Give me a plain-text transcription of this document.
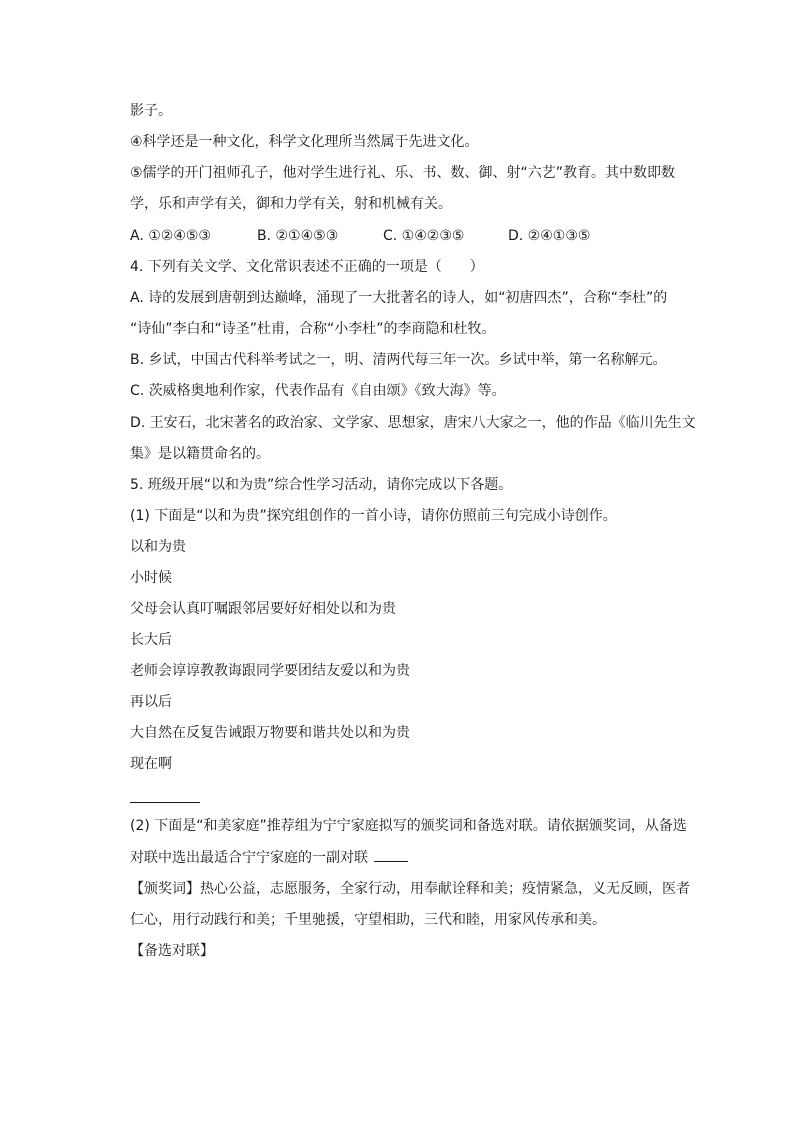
影子。
④科学还是一种文化，科学文化理所当然属于先进文化。
⑤儒学的开门祖师孔子，他对学生进行礼、乐、书、数、御、射“六艺”教育。其中数即数
学，乐和声学有关，御和力学有关，射和机械有关。
A. ①②④⑤③	B. ②①④⑤③	C. ①④②③⑤	D. ②④①③⑤
4. 下列有关文学、文化常识表述不正确的一项是（　　）
A. 诗的发展到唐朝到达巅峰，涌现了一大批著名的诗人，如“初唐四杰”，合称“李杜”的
“诗仙”李白和“诗圣”杜甫，合称“小李杜”的李商隐和杜牧。
B. 乡试，中国古代科举考试之一，明、清两代每三年一次。乡试中举，第一名称解元。
C. 茨威格奥地利作家，代表作品有《自由颂》《致大海》等。
D. 王安石，北宋著名的政治家、文学家、思想家，唐宋八大家之一，他的作品《临川先生文
集》是以籍贯命名的。
5. 班级开展“以和为贵”综合性学习活动，请你完成以下各题。
(1) 下面是“以和为贵”探究组创作的一首小诗，请你仿照前三句完成小诗创作。
以和为贵
小时候
父母会认真叮嘱跟邻居要好好相处以和为贵
长大后
老师会谆谆教教诲跟同学要团结友爱以和为贵
再以后
大自然在反复告诫跟万物要和谐共处以和为贵
现在啊
(2) 下面是“和美家庭”推荐组为宁宁家庭拟写的颁奖词和备选对联。请依据颁奖词，从备选
对联中选出最适合宁宁家庭的一副对联
【颁奖词】热心公益，志愿服务，全家行动，用奉献诠释和美；疫情紧急，义无反顾，医者
仁心，用行动践行和美；千里驰援，守望相助，三代和睦，用家风传承和美。
【备选对联】
